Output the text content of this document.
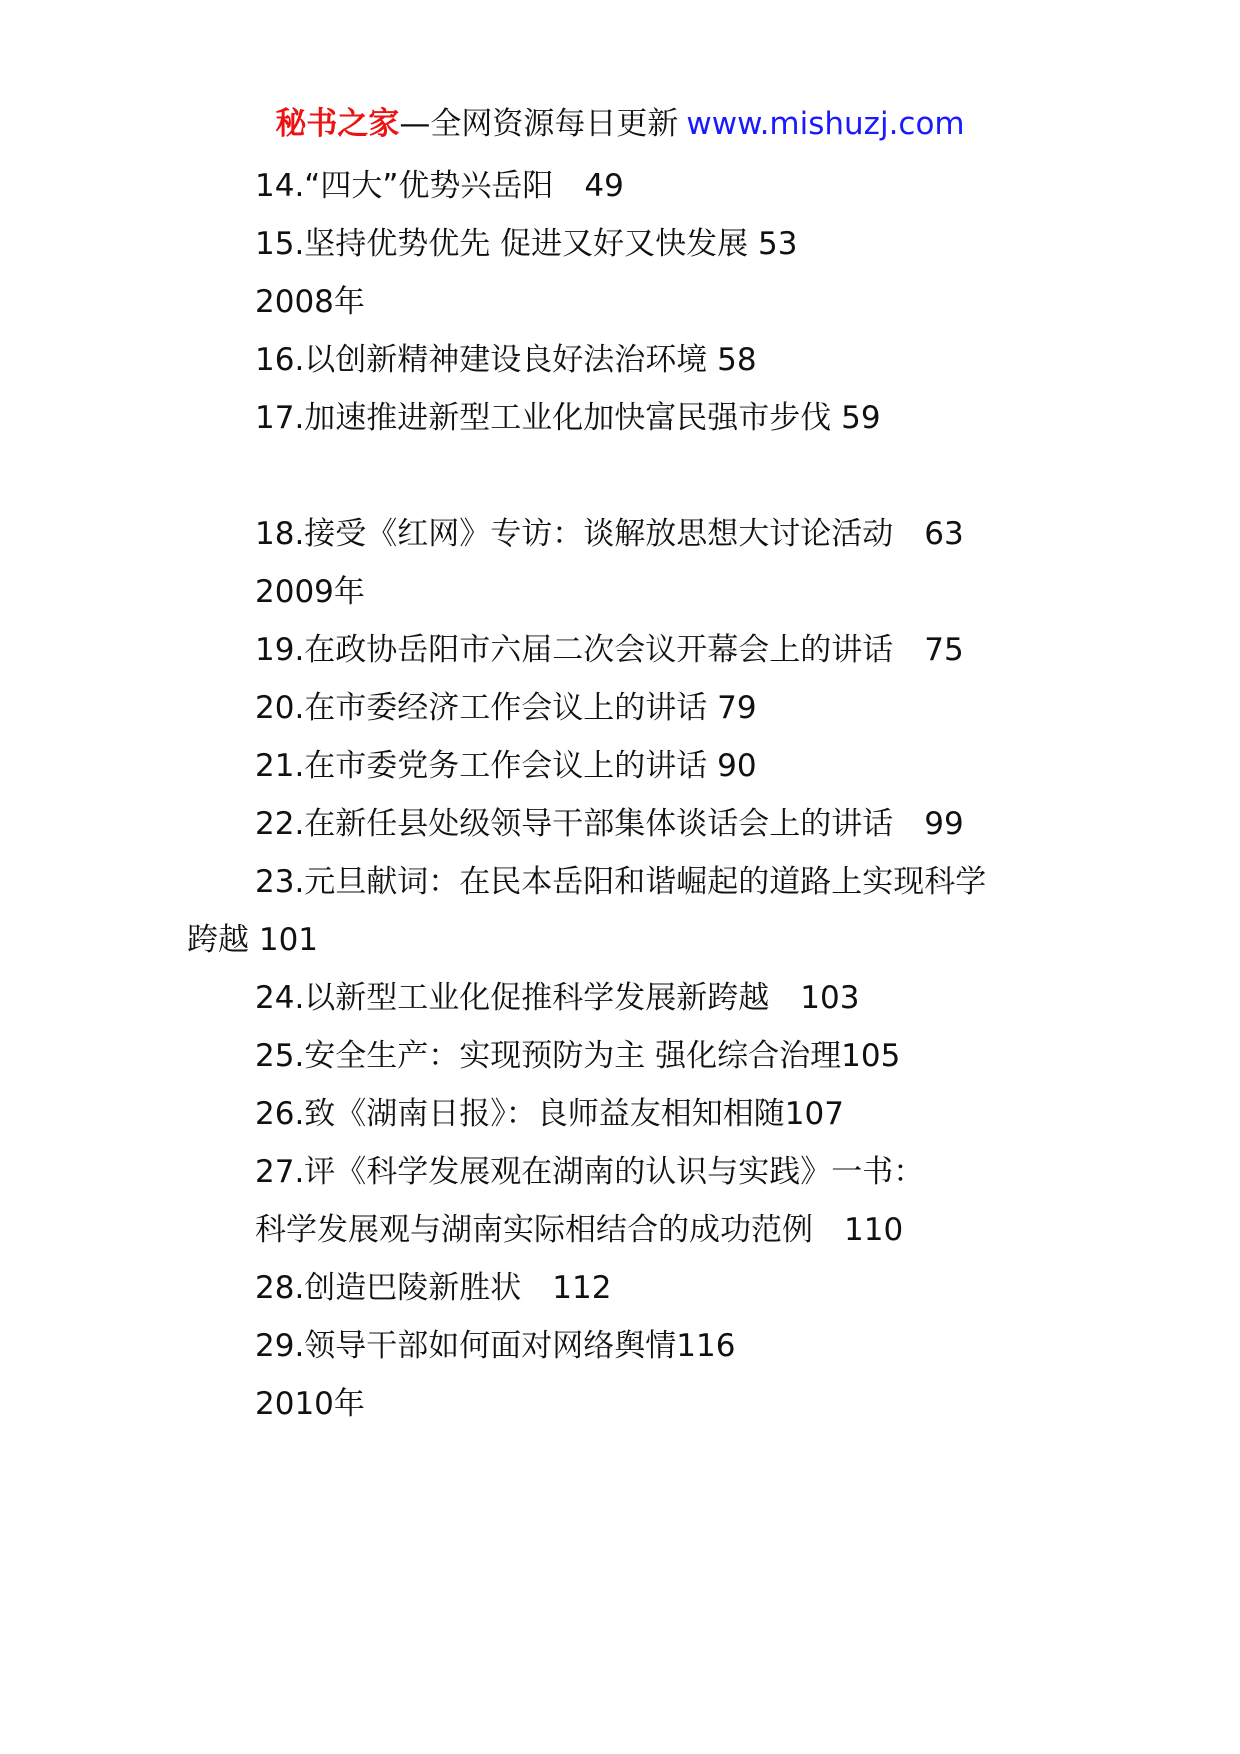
秘书之家—全网资源每日更新 www.mishuzj.com
14.“四大”优势兴岳阳　49
15.坚持优势优先 促进又好又快发展 53
2008年
16.以创新精神建设良好法治环境 58
17.加速推进新型工业化加快富民强市步伐 59
18.接受《红网》专访：谈解放思想大讨论活动　63
2009年
19.在政协岳阳市六届二次会议开幕会上的讲话　75
20.在市委经济工作会议上的讲话 79
21.在市委党务工作会议上的讲话 90
22.在新任县处级领导干部集体谈话会上的讲话　99
23.元旦献词：在民本岳阳和谐崛起的道路上实现科学
跨越 101
24.以新型工业化促推科学发展新跨越　103
25.安全生产：实现预防为主 强化综合治理105
26.致《湖南日报》：良师益友相知相随107
27.评《科学发展观在湖南的认识与实践》一书：
科学发展观与湖南实际相结合的成功范例　110
28.创造巴陵新胜状　112
29.领导干部如何面对网络舆情116
2010年
